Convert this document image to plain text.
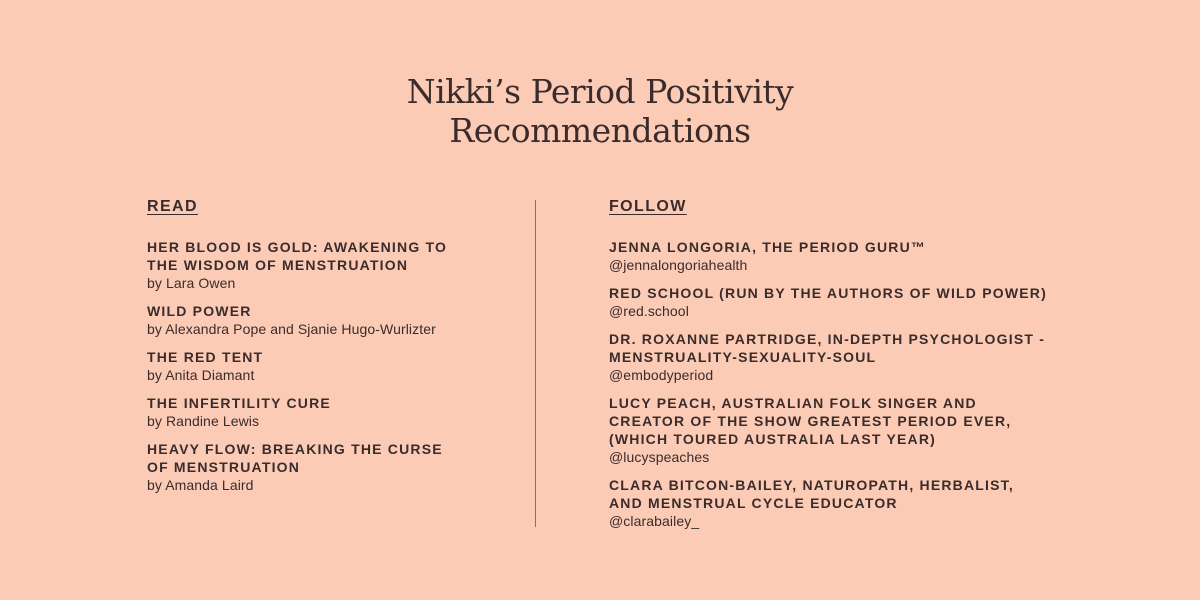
Nikki’s Period Positivity
Recommendations
READ
HER BLOOD IS GOLD: AWAKENING TO THE WISDOM OF MENSTRUATION
by Lara Owen
WILD POWER
by Alexandra Pope and Sjanie Hugo-Wurlizter
THE RED TENT
by Anita Diamant
THE INFERTILITY CURE
by Randine Lewis
HEAVY FLOW: BREAKING THE CURSE OF MENSTRUATION
by Amanda Laird
FOLLOW
JENNA LONGORIA, THE PERIOD GURU™
@jennalongoriahealth
RED SCHOOL (RUN BY THE AUTHORS OF WILD POWER)
@red.school
DR. ROXANNE PARTRIDGE, IN-DEPTH PSYCHOLOGIST - MENSTRUALITY-SEXUALITY-SOUL
@embodyperiod
LUCY PEACH, AUSTRALIAN FOLK SINGER AND CREATOR OF THE SHOW GREATEST PERIOD EVER, (WHICH TOURED AUSTRALIA LAST YEAR)
@lucyspeaches
CLARA BITCON-BAILEY, NATUROPATH, HERBALIST, AND MENSTRUAL CYCLE EDUCATOR
@clarabailey_
